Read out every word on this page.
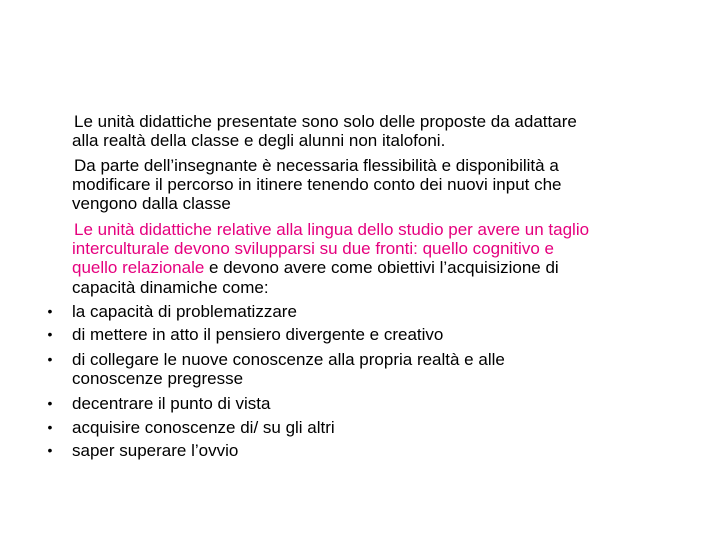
Le unità didattiche presentate sono solo delle proposte da adattare
alla realtà della classe e degli alunni non italofoni.
Da parte dell’insegnante è necessaria flessibilità e disponibilità a
modificare il percorso in itinere tenendo conto dei nuovi input che
vengono dalla classe
Le unità didattiche relative alla lingua dello studio per avere un taglio
interculturale devono svilupparsi su due fronti: quello cognitivo e
quello relazionale e devono avere come obiettivi l’acquisizione di
capacità dinamiche come:
• la capacità di problematizzare
• di mettere in atto il pensiero divergente e creativo
• di collegare le nuove conoscenze alla propria realtà e alle
conoscenze pregresse
• decentrare il punto di vista
• acquisire conoscenze di/ su gli altri
• saper superare l’ovvio
